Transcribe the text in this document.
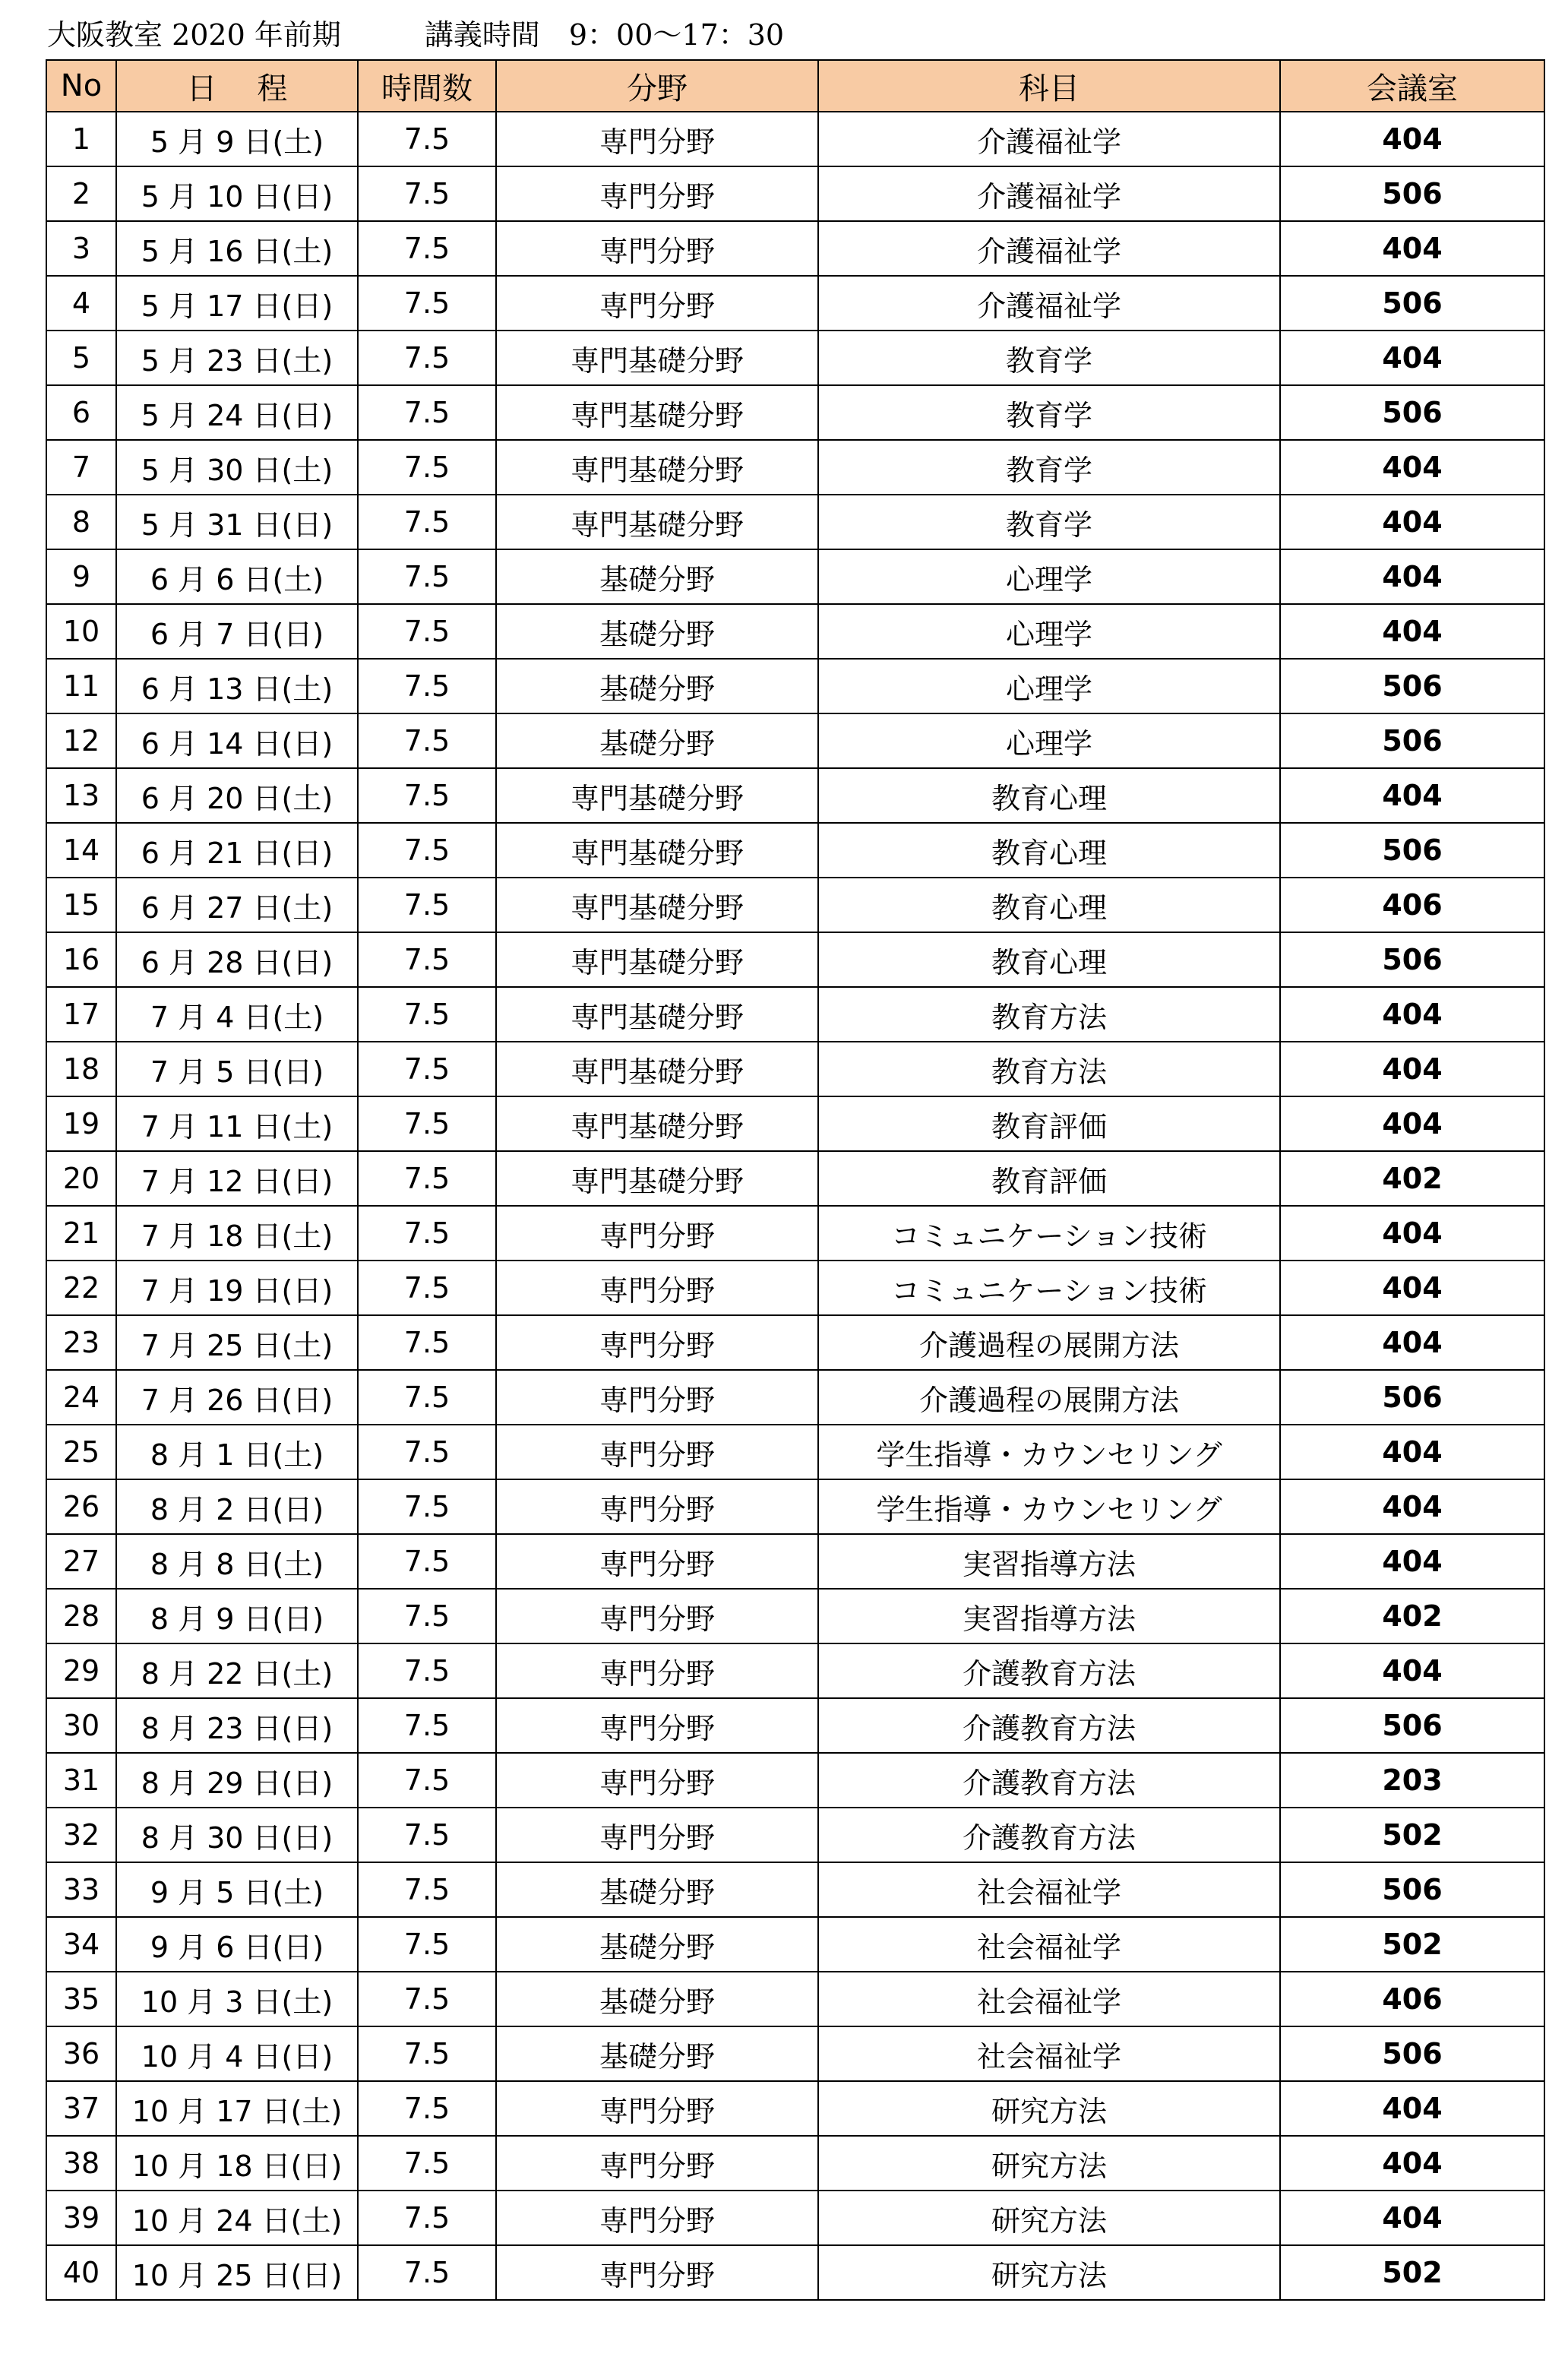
大阪教室 2020 年前期	講義時間　9：00～17：30
No	日　 程	時間数	分野	科目	会議室
1	5 月 9 日(土)	7.5	専門分野	介護福祉学	404
2	5 月 10 日(日)	7.5	専門分野	介護福祉学	506
3	5 月 16 日(土)	7.5	専門分野	介護福祉学	404
4	5 月 17 日(日)	7.5	専門分野	介護福祉学	506
5	5 月 23 日(土)	7.5	専門基礎分野	教育学	404
6	5 月 24 日(日)	7.5	専門基礎分野	教育学	506
7	5 月 30 日(土)	7.5	専門基礎分野	教育学	404
8	5 月 31 日(日)	7.5	専門基礎分野	教育学	404
9	6 月 6 日(土)	7.5	基礎分野	心理学	404
10	6 月 7 日(日)	7.5	基礎分野	心理学	404
11	6 月 13 日(土)	7.5	基礎分野	心理学	506
12	6 月 14 日(日)	7.5	基礎分野	心理学	506
13	6 月 20 日(土)	7.5	専門基礎分野	教育心理	404
14	6 月 21 日(日)	7.5	専門基礎分野	教育心理	506
15	6 月 27 日(土)	7.5	専門基礎分野	教育心理	406
16	6 月 28 日(日)	7.5	専門基礎分野	教育心理	506
17	7 月 4 日(土)	7.5	専門基礎分野	教育方法	404
18	7 月 5 日(日)	7.5	専門基礎分野	教育方法	404
19	7 月 11 日(土)	7.5	専門基礎分野	教育評価	404
20	7 月 12 日(日)	7.5	専門基礎分野	教育評価	402
21	7 月 18 日(土)	7.5	専門分野	コミュニケーション技術	404
22	7 月 19 日(日)	7.5	専門分野	コミュニケーション技術	404
23	7 月 25 日(土)	7.5	専門分野	介護過程の展開方法	404
24	7 月 26 日(日)	7.5	専門分野	介護過程の展開方法	506
25	8 月 1 日(土)	7.5	専門分野	学生指導・カウンセリング	404
26	8 月 2 日(日)	7.5	専門分野	学生指導・カウンセリング	404
27	8 月 8 日(土)	7.5	専門分野	実習指導方法	404
28	8 月 9 日(日)	7.5	専門分野	実習指導方法	402
29	8 月 22 日(土)	7.5	専門分野	介護教育方法	404
30	8 月 23 日(日)	7.5	専門分野	介護教育方法	506
31	8 月 29 日(日)	7.5	専門分野	介護教育方法	203
32	8 月 30 日(日)	7.5	専門分野	介護教育方法	502
33	9 月 5 日(土)	7.5	基礎分野	社会福祉学	506
34	9 月 6 日(日)	7.5	基礎分野	社会福祉学	502
35	10 月 3 日(土)	7.5	基礎分野	社会福祉学	406
36	10 月 4 日(日)	7.5	基礎分野	社会福祉学	506
37	10 月 17 日(土)	7.5	専門分野	研究方法	404
38	10 月 18 日(日)	7.5	専門分野	研究方法	404
39	10 月 24 日(土)	7.5	専門分野	研究方法	404
40	10 月 25 日(日)	7.5	専門分野	研究方法	502
